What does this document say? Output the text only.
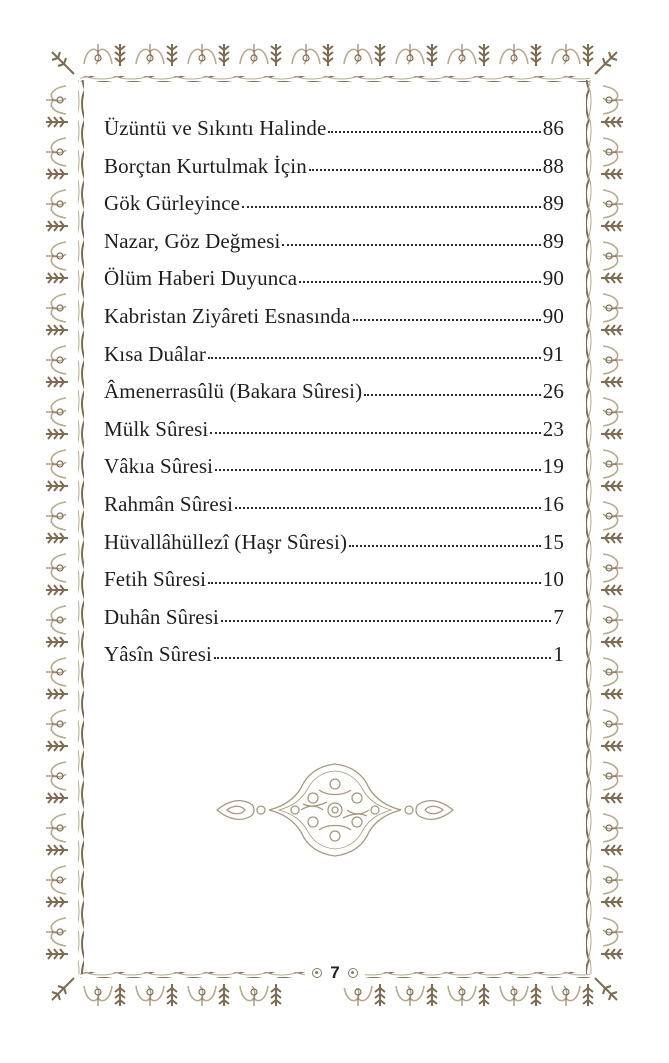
Üzüntü ve Sıkıntı Halinde	86
Borçtan Kurtulmak İçin	88
Gök Gürleyince	89
Nazar, Göz Değmesi	89
Ölüm Haberi Duyunca	90
Kabristan Ziyâreti Esnasında	90
Kısa Duâlar	91
Âmenerrasûlü (Bakara Sûresi)	26
Mülk Sûresi	23
Vâkıa Sûresi	19
Rahmân Sûresi	16
Hüvallâhüllezî (Haşr Sûresi)	15
Fetih Sûresi	10
Duhân Sûresi	7
Yâsîn Sûresi	1
7
